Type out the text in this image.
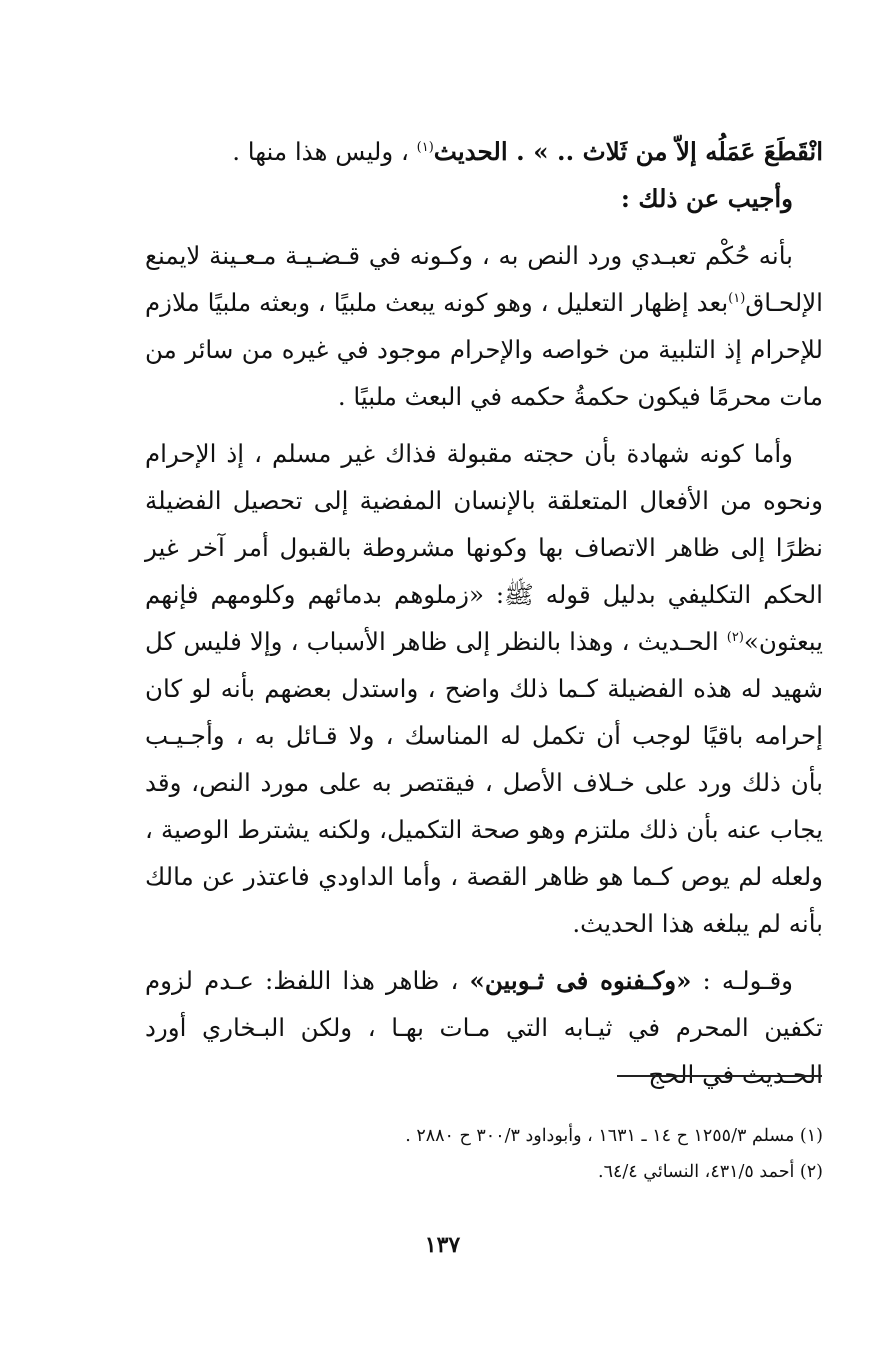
انْقَطَعَ عَمَلُه إلاّ من ثَلاث .. » . الحديث$^{(١)}$ ، وليس هذا منها .

وأجيب عن ذلك :

بأنه حُكْم تعبـدي ورد النص به ، وكـونه في قـضـيـة مـعـينة لايمنع الإلحـاق$^{(١)}$بعد إظهار التعليل ، وهو كونه يبعث ملبيًا ، وبعثه ملبيًا ملازم للإحرام إذ التلبية من خواصه والإحرام موجود في غيره من سائر من مات محرمًا فيكون حكمةُ حكمه في البعث ملبيًا .

وأما كونه شهادة بأن حجته مقبولة فذاك غير مسلم ، إذ الإحرام ونحوه من الأفعال المتعلقة بالإنسان المفضية إلى تحصيل الفضيلة نظرًا إلى ظاهر الاتصاف بها وكونها مشروطة بالقبول أمر آخر غير الحكم التكليفي بدليل قوله ﷺ: «زملوهم بدمائهم وكلومهم فإنهم يبعثون»$^{(٢)}$ الحـديث ، وهذا بالنظر إلى ظاهر الأسباب ، وإلا فليس كل شهيد له هذه الفضيلة كـما ذلك واضح ، واستدل بعضهم بأنه لو كان إحرامه باقيًا لوجب أن تكمل له المناسك ، ولا قـائل به ، وأجـيـب بأن ذلك ورد على خـلاف الأصل ، فيقتصر به على مورد النص، وقد يجاب عنه بأن ذلك ملتزم وهو صحة التكميل، ولكنه يشترط الوصية ، ولعله لم يوص كـما هو ظاهر القصة ، وأما الداودي فاعتذر عن مالك بأنه لم يبلغه هذا الحديث.

وقـولـه : «وكـفنوه فى ثـوبين» ، ظاهر هذا اللفظ: عـدم لزوم تكفين المحرم في ثيـابه التي مـات بهـا ، ولكن البـخاري أورد الحـديث في الحج

(١) مسلم ١٢٥٥/٣ ح ١٤ ـ ١٦٣١ ، وأبوداود ٣٠٠/٣ ح ٢٨٨٠ .

(٢) أحمد ٤٣١/٥، النسائي ٦٤/٤.

١٣٧
